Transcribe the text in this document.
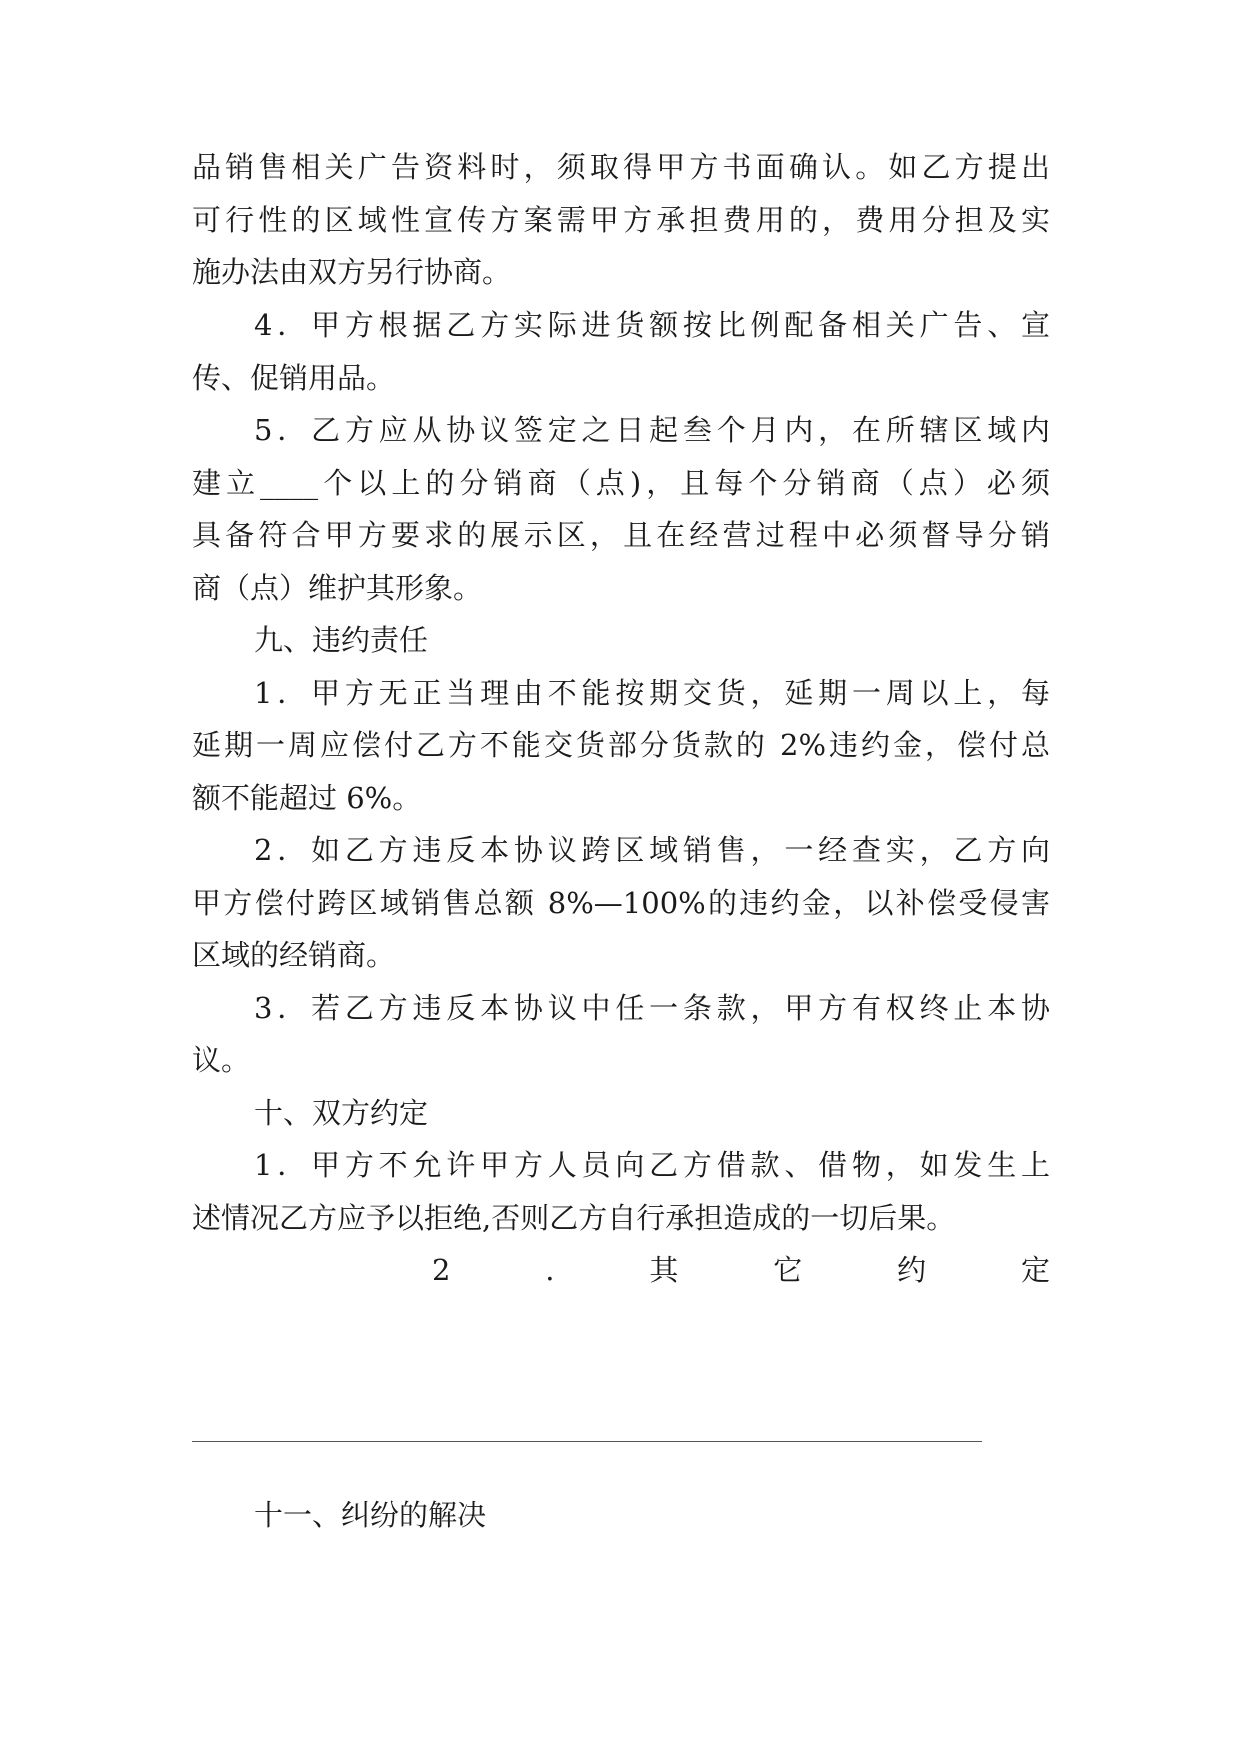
品销售相关广告资料时，须取得甲方书面确认。如乙方提出
可行性的区域性宣传方案需甲方承担费用的，费用分担及实
施办法由双方另行协商。
4．甲方根据乙方实际进货额按比例配备相关广告、宣
传、促销用品。
5．乙方应从协议签定之日起叁个月内，在所辖区域内
建立____个以上的分销商（点)，且每个分销商（点）必须
具备符合甲方要求的展示区，且在经营过程中必须督导分销
商（点）维护其形象。
九、违约责任
1．甲方无正当理由不能按期交货，延期一周以上，每
延期一周应偿付乙方不能交货部分货款的 2%违约金，偿付总
额不能超过 6%。
2．如乙方违反本协议跨区域销售，一经查实，乙方向
甲方偿付跨区域销售总额 8%—100%的违约金，以补偿受侵害
区域的经销商。
3．若乙方违反本协议中任一条款，甲方有权终止本协
议。
十、双方约定
1．甲方不允许甲方人员向乙方借款、借物，如发生上
述情况乙方应予以拒绝,否则乙方自行承担造成的一切后果。
2	.	其	它	约	定
十一、纠纷的解决
